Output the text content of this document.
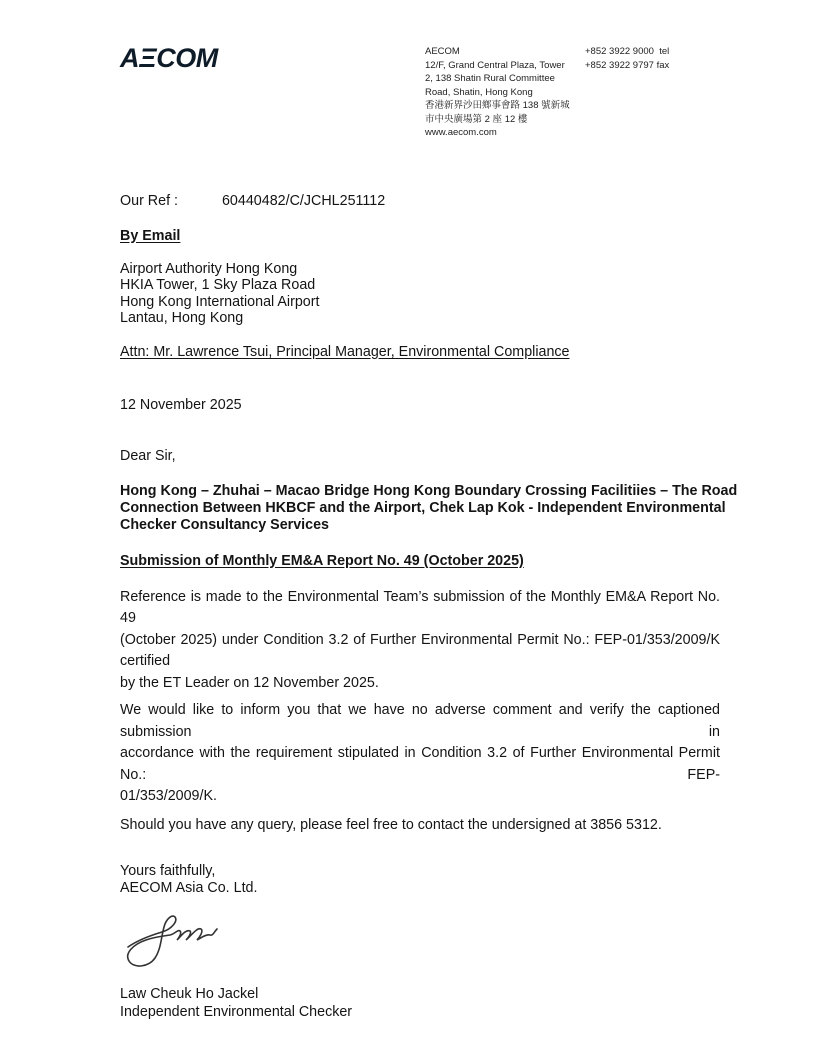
AΞCOM	AECOM
12/F, Grand Central Plaza, Tower
2, 138 Shatin Rural Committee
Road, Shatin, Hong Kong
香港新界沙田鄉事會路 138 號新城
市中央廣場第 2 座 12 樓
www.aecom.com
+852 3922 9000  tel
+852 3922 9797 fax
Our Ref :	60440482/C/JCHL251112
By Email
Airport Authority Hong Kong
HKIA Tower, 1 Sky Plaza Road
Hong Kong International Airport
Lantau, Hong Kong
Attn: Mr. Lawrence Tsui, Principal Manager, Environmental Compliance
12 November 2025
Dear Sir,
Hong Kong – Zhuhai – Macao Bridge Hong Kong Boundary Crossing Facilitiies – The Road
Connection Between HKBCF and the Airport, Chek Lap Kok - Independent Environmental
Checker Consultancy Services
Submission of Monthly EM&A Report No. 49 (October 2025)
Reference is made to the Environmental Team’s submission of the Monthly EM&A Report No. 49
(October 2025) under Condition 3.2 of Further Environmental Permit No.: FEP-01/353/2009/K certified
by the ET Leader on 12 November 2025.
We would like to inform you that we have no adverse comment and verify the captioned submission in
accordance with the requirement stipulated in Condition 3.2 of Further Environmental Permit No.: FEP-
01/353/2009/K.
Should you have any query, please feel free to contact the undersigned at 3856 5312.
Yours faithfully,
AECOM Asia Co. Ltd.
Law Cheuk Ho Jackel
Independent Environmental Checker
